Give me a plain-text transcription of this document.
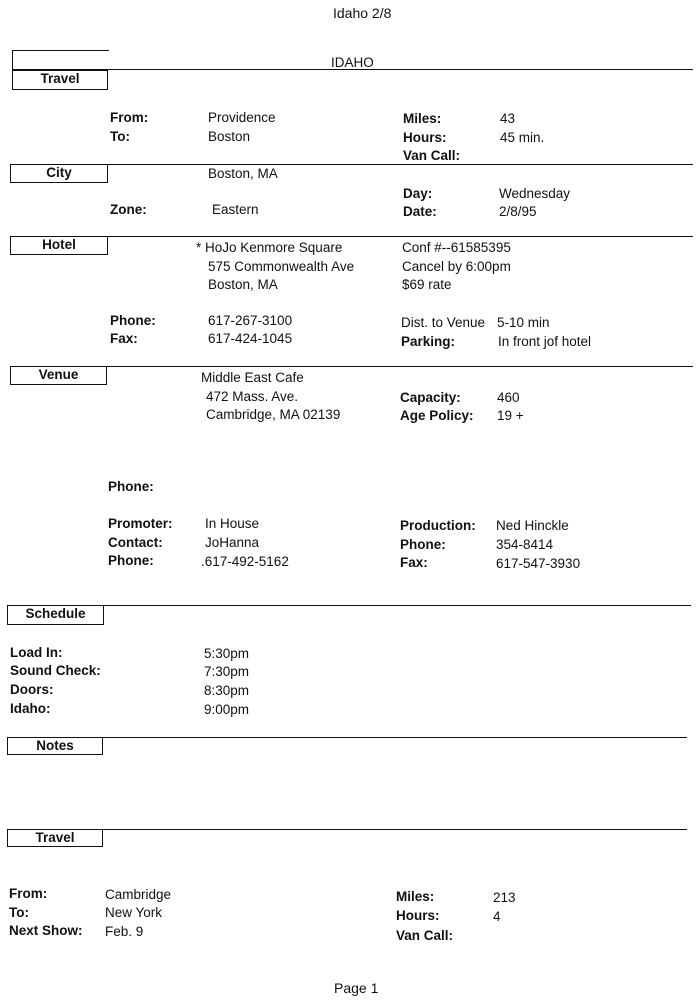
Idaho 2/8
IDAHO
Travel
From:	Providence
To:	Boston
Miles:	43
Hours:	45 min.
Van Call:
City	Boston, MA
Day:	Wednesday
Zone:	Eastern	Date:	2/8/95
Hotel	* HoJo Kenmore Square
575 Commonwealth Ave
Boston, MA
Conf #--61585395
Cancel by 6:00pm
$69 rate
Phone:	617-267-3100
Fax:	617-424-1045
Dist. to Venue 5-10 min
Parking:	In front jof hotel
Venue	Middle East Cafe
472 Mass. Ave.
Cambridge, MA 02139
Capacity:	460
Age Policy: 19 +
Phone:
Promoter: In House
Contact:	JoHanna
Phone:	.617-492-5162
Production: Ned Hinckle
Phone:	354-8414
Fax:	617-547-3930
Schedule
Load In:	5:30pm
Sound Check:	7:30pm
Doors:	8:30pm
Idaho:	9:00pm
Notes
Travel
From:	Cambridge
To:	New York
Next Show: Feb. 9
Miles:	213
Hours:	4
Van Call:
Page 1
